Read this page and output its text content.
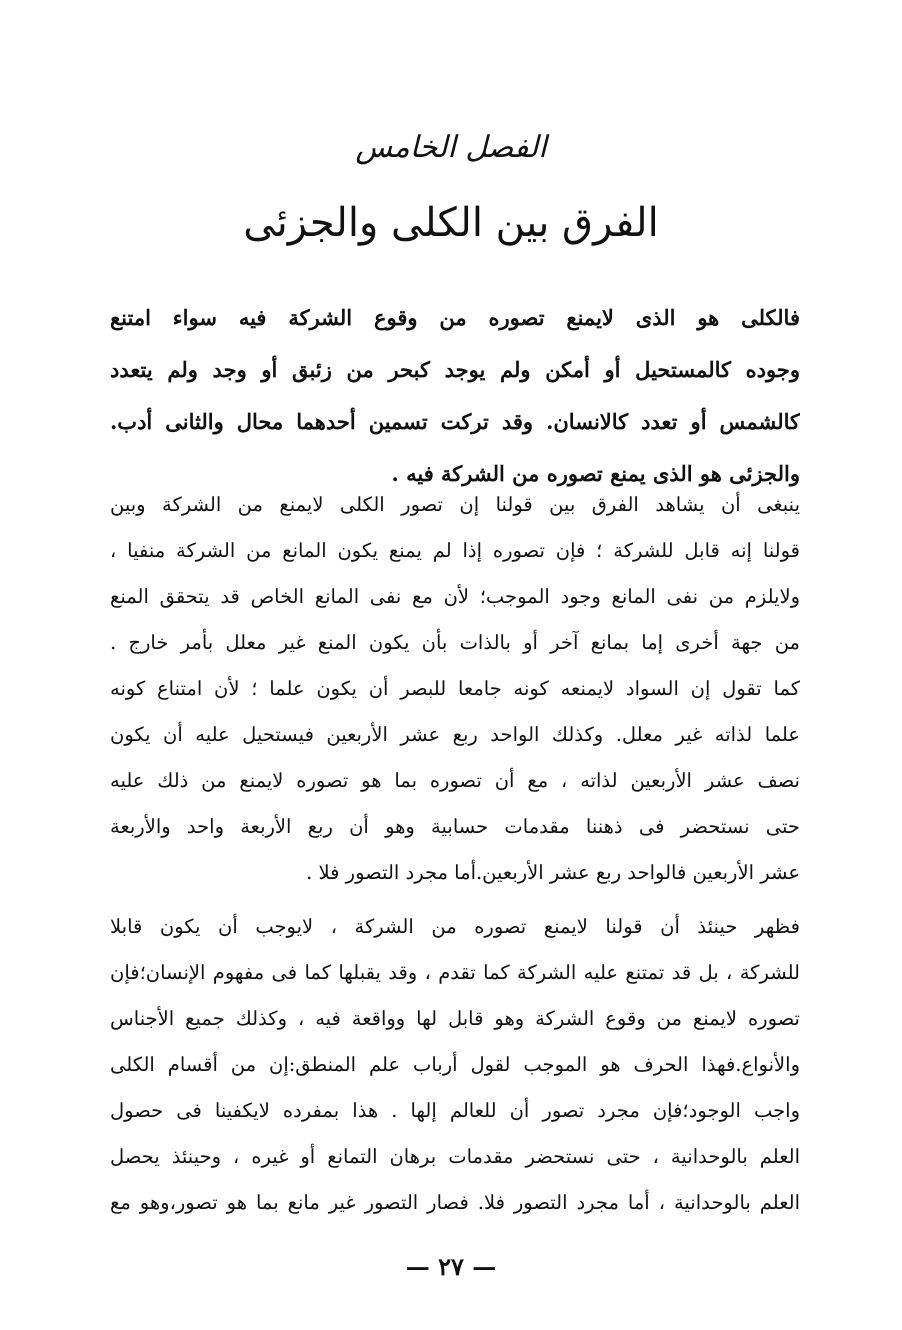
الفصل الخامس
الفرق بين الكلى والجزئى
فالكلى هو الذى لايمنع تصوره من وقوع الشركة فيه سواء امتنع
وجوده كالمستحيل أو أمكن ولم يوجد كبحر من زئبق أو وجد ولم يتعدد
كالشمس أو تعدد كالانسان. وقد تركت تسمين أحدهما محال والثانى أدب.
والجزئى هو الذى يمنع تصوره من الشركة فيه .
ينبغى أن يشاهد الفرق بين قولنا إن تصور الكلى لايمنع من الشركة وبين
قولنا إنه قابل للشركة ؛ فإن تصوره إذا لم يمنع يكون المانع من الشركة منفيا ،
ولايلزم من نفى المانع وجود الموجب؛ لأن مع نفى المانع الخاص قد يتحقق المنع
من جهة أخرى إما بمانع آخر أو بالذات بأن يكون المنع غير معلل بأمر خارج .
كما تقول إن السواد لايمنعه كونه جامعا للبصر أن يكون علما ؛ لأن امتناع كونه
علما لذاته غير معلل. وكذلك الواحد ربع عشر الأربعين فيستحيل عليه أن يكون
نصف عشر الأربعين لذاته ، مع أن تصوره بما هو تصوره لايمنع من ذلك عليه
حتى نستحضر فى ذهننا مقدمات حسابية وهو أن ربع الأربعة واحد والأربعة
عشر الأربعين فالواحد ربع عشر الأربعين.أما مجرد التصور فلا .
فظهر حينئذ أن قولنا لايمنع تصوره من الشركة ، لايوجب أن يكون قابلا
للشركة ، بل قد تمتنع عليه الشركة كما تقدم ، وقد يقبلها كما فى مفهوم الإنسان؛فإن
تصوره لايمنع من وقوع الشركة وهو قابل لها وواقعة فيه ، وكذلك جميع الأجناس
والأنواع.فهذا الحرف هو الموجب لقول أرباب علم المنطق:إن من أقسام الكلى
واجب الوجود؛فإن مجرد تصور أن للعالم إلها . هذا بمفرده لايكفينا فى حصول
العلم بالوحدانية ، حتى نستحضر مقدمات برهان التمانع أو غيره ، وحينئذ يحصل
العلم بالوحدانية ، أما مجرد التصور فلا. فصار التصور غير مانع بما هو تصور،وهو مع
— ٢٧ —
